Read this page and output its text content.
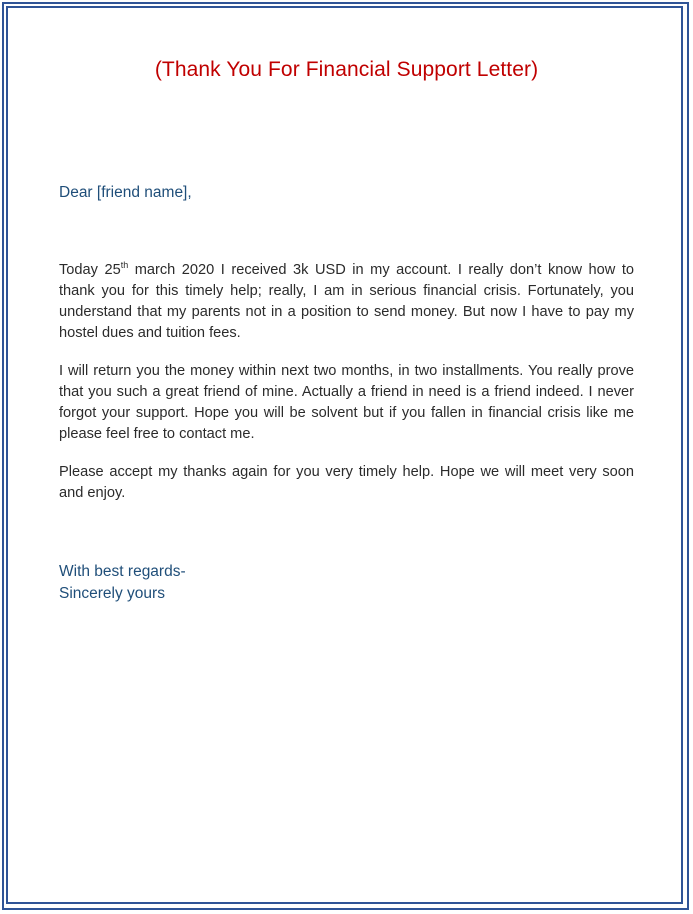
(Thank You For Financial Support Letter)
Dear [friend name],

Today 25th march 2020 I received 3k USD in my account. I really don’t know how to thank you for this timely help; really, I am in serious financial crisis. Fortunately, you understand that my parents not in a position to send money. But now I have to pay my hostel dues and tuition fees.

I will return you the money within next two months, in two installments. You really prove that you such a great friend of mine. Actually a friend in need is a friend indeed. I never forgot your support. Hope you will be solvent but if you fallen in financial crisis like me please feel free to contact me.

Please accept my thanks again for you very timely help. Hope we will meet very soon and enjoy.

With best regards-
Sincerely yours
